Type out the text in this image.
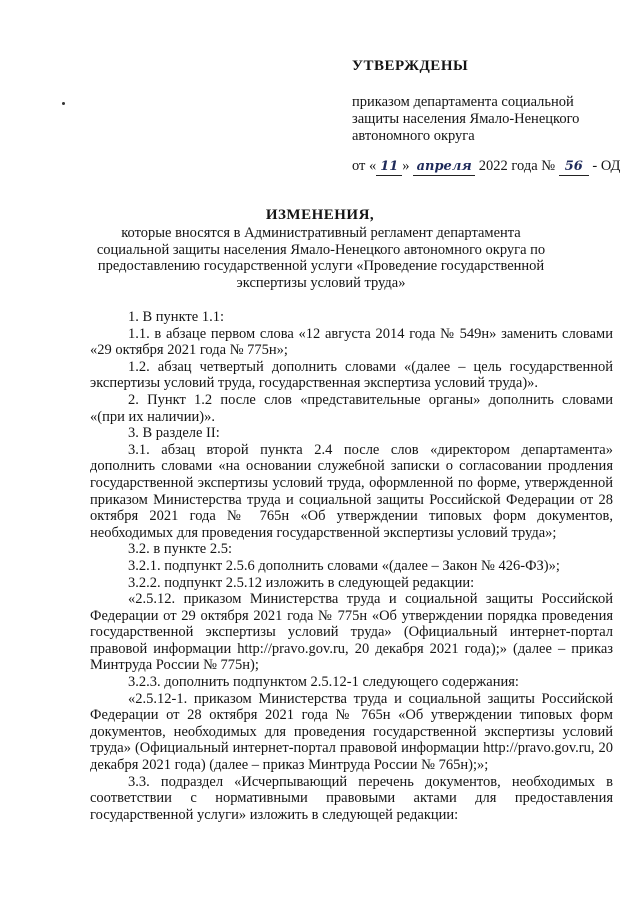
УТВЕРЖДЕНЫ
приказом департамента социальной
защиты населения Ямало-Ненецкого
автономного округа
от « 11 » апреля 2022 года № 56 - ОД
ИЗМЕНЕНИЯ,
которые вносятся в Административный регламент департамента социальной защиты населения Ямало-Ненецкого автономного округа по предоставлению государственной услуги «Проведение государственной экспертизы условий труда»

1. В пункте 1.1:

1.1. в абзаце первом слова «12 августа 2014 года № 549н» заменить словами «29 октября 2021 года № 775н»;

1.2. абзац четвертый дополнить словами «(далее – цель государственной экспертизы условий труда, государственная экспертиза условий труда)».

2. Пункт 1.2 после слов «представительные органы» дополнить словами «(при их наличии)».

3. В разделе II:

3.1. абзац второй пункта 2.4 после слов «директором департамента» дополнить словами «на основании служебной записки о согласовании продления государственной экспертизы условий труда, оформленной по форме, утвержденной приказом Министерства труда и социальной защиты Российской Федерации от 28 октября 2021 года № 765н «Об утверждении типовых форм документов, необходимых для проведения государственной экспертизы условий труда»;

3.2. в пункте 2.5:

3.2.1. подпункт 2.5.6 дополнить словами «(далее – Закон № 426-ФЗ)»;

3.2.2. подпункт 2.5.12 изложить в следующей редакции:

«2.5.12. приказом Министерства труда и социальной защиты Российской Федерации от 29 октября 2021 года № 775н «Об утверждении порядка проведения государственной экспертизы условий труда» (Официальный интернет-портал правовой информации http://pravo.gov.ru, 20 декабря 2021 года);» (далее – приказ Минтруда России № 775н);

3.2.3. дополнить подпунктом 2.5.12-1 следующего содержания:

«2.5.12-1. приказом Министерства труда и социальной защиты Российской Федерации от 28 октября 2021 года № 765н «Об утверждении типовых форм документов, необходимых для проведения государственной экспертизы условий труда» (Официальный интернет-портал правовой информации http://pravo.gov.ru, 20 декабря 2021 года) (далее – приказ Минтруда России № 765н);»;

3.3. подраздел «Исчерпывающий перечень документов, необходимых в соответствии с нормативными правовыми актами для предоставления государственной услуги» изложить в следующей редакции:
